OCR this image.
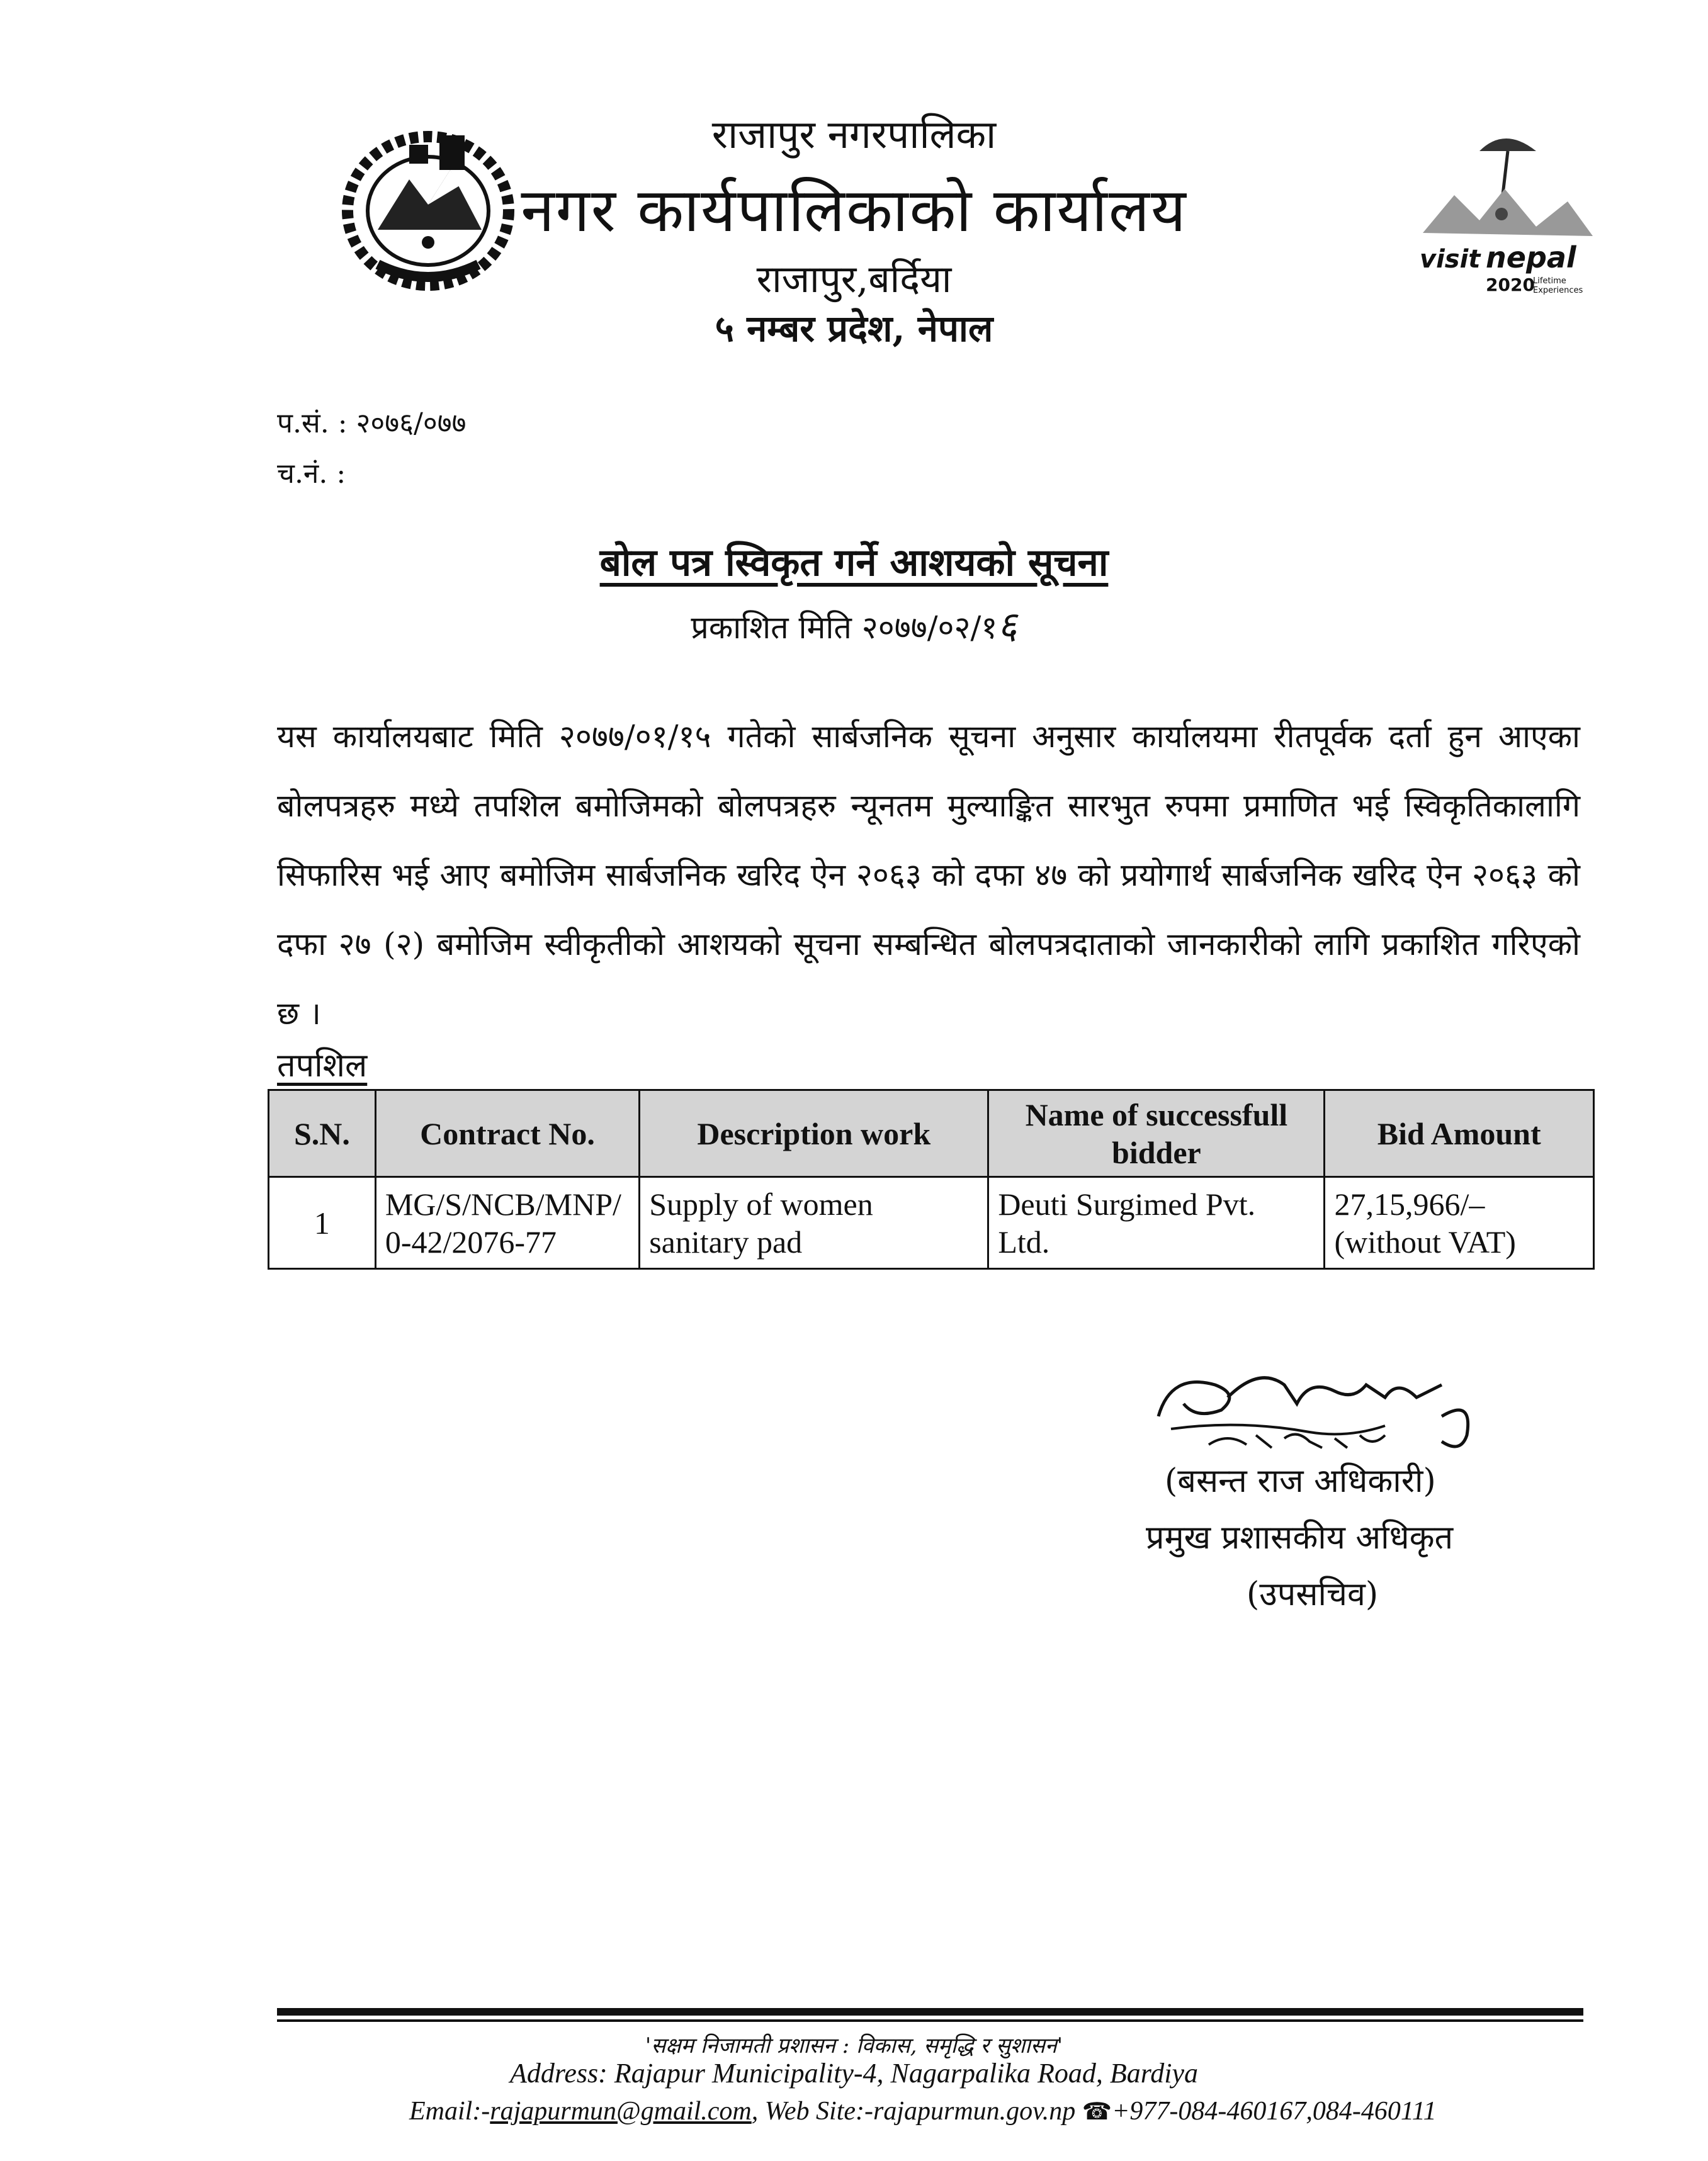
visit nepal
2020
Lifetime
Experiences
राजापुर नगरपालिका
नगर कार्यपालिकाको कार्यालय
राजापुर,बर्दिया
५ नम्बर प्रदेश, नेपाल
प.सं. : २०७६/०७७
च.नं. :
बोल पत्र स्विकृत गर्ने आशयको सूचना
प्रकाशित मिति २०७७/०२/१६
यस कार्यालयबाट मिति २०७७/०१/१५ गतेको सार्बजनिक सूचना अनुसार कार्यालयमा रीतपूर्वक दर्ता हुन आएका बोलपत्रहरु मध्ये तपशिल बमोजिमको बोलपत्रहरु न्यूनतम मुल्याङ्कित सारभुत रुपमा प्रमाणित भई स्विकृतिकालागि सिफारिस भई आए बमोजिम सार्बजनिक खरिद ऐन २०६३ को दफा ४७ को प्रयोगार्थ सार्बजनिक खरिद ऐन २०६३ को दफा २७ (२) बमोजिम स्वीकृतीको आशयको सूचना सम्बन्धित बोलपत्रदाताको जानकारीको लागि प्रकाशित गरिएको छ ।
तपशिल
S.N.	Contract No.	Description work	Name of successfull bidder	Bid Amount
1	MG/S/NCB/MNP/0-42/2076-77	Supply of women sanitary pad	Deuti Surgimed Pvt. Ltd.	27,15,966/– (without VAT)
(बसन्त राज अधिकारी)
प्रमुख प्रशासकीय अधिकृत
(उपसचिव)
'सक्षम निजामती प्रशासन : विकास, समृद्धि र सुशासन'
Address: Rajapur Municipality-4, Nagarpalika Road, Bardiya
Email:-rajapurmun@gmail.com, Web Site:-rajapurmun.gov.np ☎+977-084-460167,084-460111
